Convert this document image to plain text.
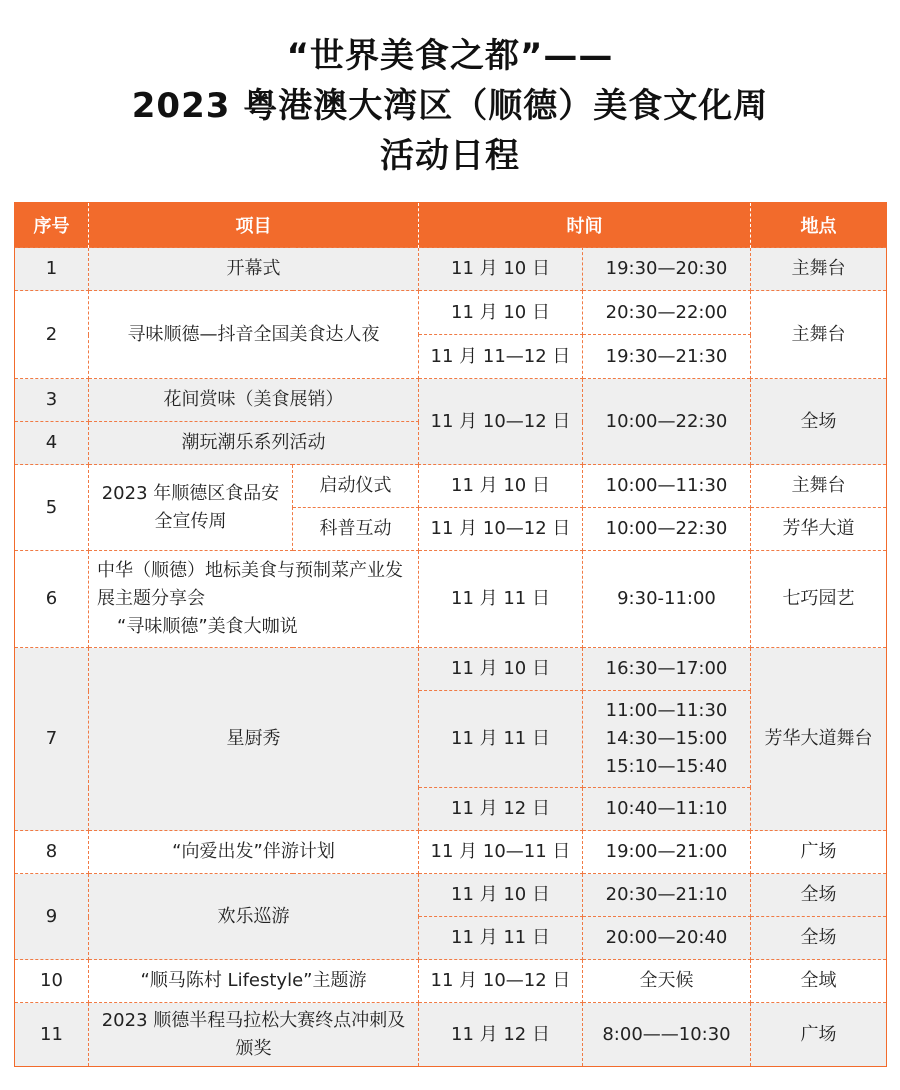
“世界美食之都”——
2023 粤港澳大湾区（顺德）美食文化周
活动日程
序号	项目		时间		地点
1	开幕式		11 月 10 日	19:30—20:30	主舞台
2	寻味顺德—抖音全国美食达人夜		11 月 10 日	20:30—22:00	主舞台
			11 月 11—12 日	19:30—21:30	
3	花间赏味（美食展销）		11 月 10—12 日	10:00—22:30	全场
4	潮玩潮乐系列活动				
5	2023 年顺德区食品安全宣传周	启动仪式	11 月 10 日	10:00—11:30	主舞台
		科普互动	11 月 10—12 日	10:00—22:30	芳华大道
6	中华（顺德）地标美食与预制菜产业发展主题分享会
“寻味顺德”美食大咖说		11 月 11 日	9:30-11:00	七巧园艺
7	星厨秀		11 月 10 日	16:30—17:00	芳华大道舞台
			11 月 11 日	11:00—11:30
14:30—15:00
15:10—15:40	

			11 月 12 日	10:40—11:10	
8	“向爱出发”伴游计划		11 月 10—11 日	19:00—21:00	广场
9	欢乐巡游		11 月 10 日	20:30—21:10	全场
			11 月 11 日	20:00—20:40	全场
10	“顺马陈村 Lifestyle”主题游		11 月 10—12 日	全天候	全域
11	2023 顺德半程马拉松大赛终点冲刺及颁奖		11 月 12 日	8:00——10:30	广场
